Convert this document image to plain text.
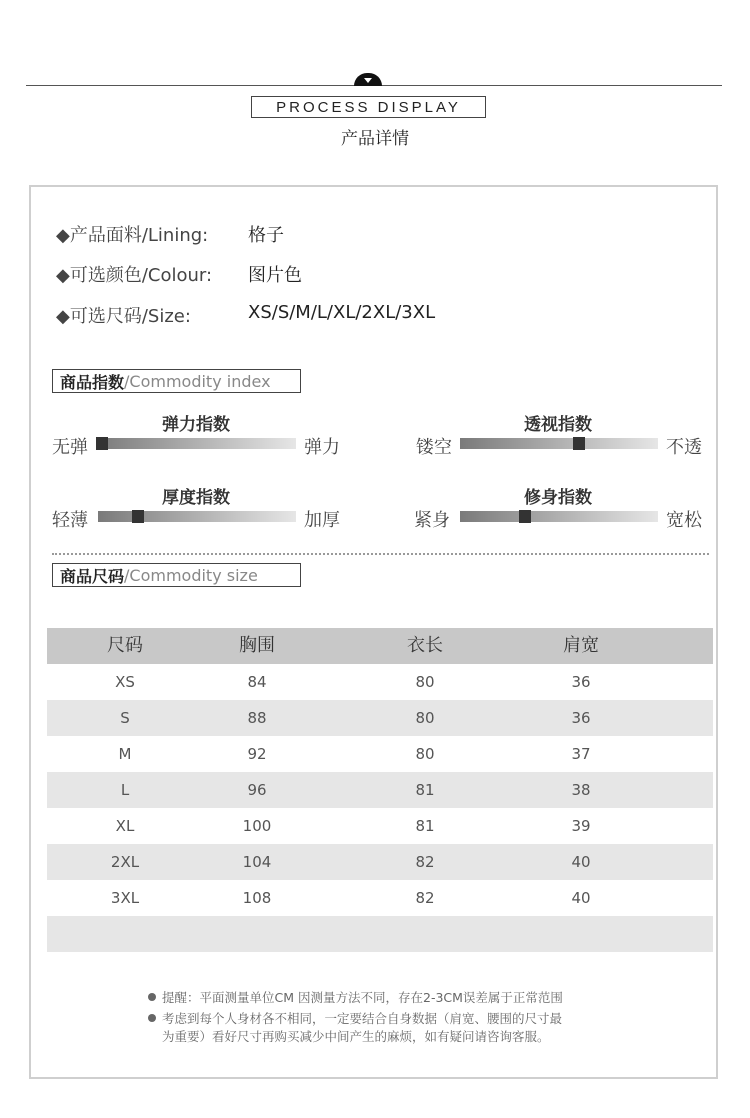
PROCESS DISPLAY
产品详情
◆产品面料/Lining: 格子
◆可选颜色/Colour: 图片色
◆可选尺码/Size:	XS/S/M/L/XL/2XL/3XL
商品指数 /Commodity index
弹力指数
无弹	弹力
透视指数
镂空	不透
厚度指数
轻薄	加厚
修身指数
紧身	宽松
商品尺码 /Commodity size
尺码	胸围	衣长	肩宽
XS	84	80	36
S	88	80	36
M	92	80	37
L	96	81	38
XL	100	81	39
2XL	104	82	40
3XL	108	82	40
提醒：平面测量单位CM 因测量方法不同，存在2-3CM误差属于正常范围
考虑到每个人身材各不相同，一定要结合自身数据（肩宽、腰围的尺寸最
为重要）看好尺寸再购买减少中间产生的麻烦，如有疑问请咨询客服。
